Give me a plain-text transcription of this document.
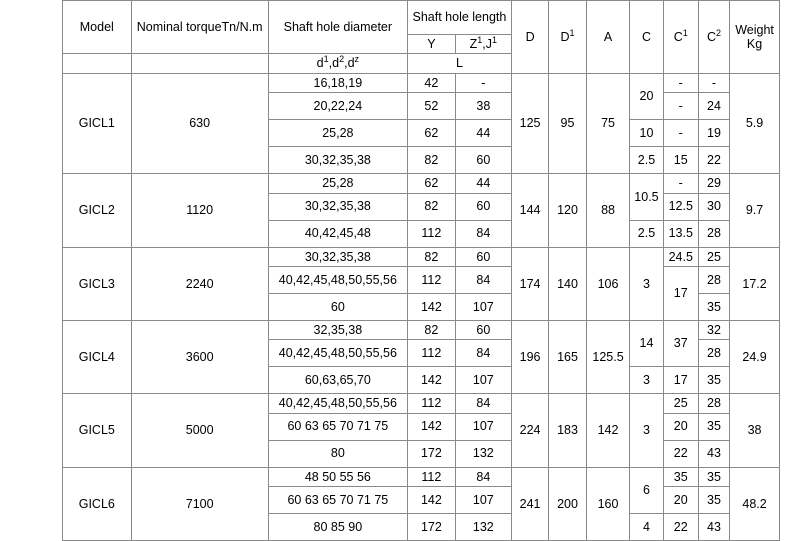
Model	Nominal torqueTn/N.m	Shaft hole diameter	Shaft hole length		D	$D^1$	A	C	$C^1$	$C^2$	Weight
Kg
			Y	$Z^1,J^1$
		$d^1,d^2,d^z$	L								
GICL1	630	16,18,19	42	-	125	95	75	20	-	-	5.9
		20,22,24	52	38					-	24	
		25,28	62	44				10	-	19	
		30,32,35,38	82	60				2.5	15	22	
GICL2	1120	25,28	62	44	144	120	88	10.5	-	29	9.7
		30,32,35,38	82	60					12.5	30	
		40,42,45,48	112	84				2.5	13.5	28	
GICL3	2240	30,32,35,38	82	60	174	140	106	3	24.5	25	17.2
		40,42,45,48,50,55,56	112	84					17	28	
		60	142	107						35	
GICL4	3600	32,35,38	82	60	196	165	125.5	14	37	32	24.9
		40,42,45,48,50,55,56	112	84						28	
		60,63,65,70	142	107				3	17	35	
GICL5	5000	40,42,45,48,50,55,56	112	84	224	183	142	3	25	28	38
		60 63 65 70 71 75	142	107					20	35	
		80	172	132					22	43	
GICL6	7100	48 50 55 56	112	84	241	200	160	6	35	35	48.2
		60 63 65 70 71 75	142	107					20	35	
		80 85 90	172	132				4	22	43	
